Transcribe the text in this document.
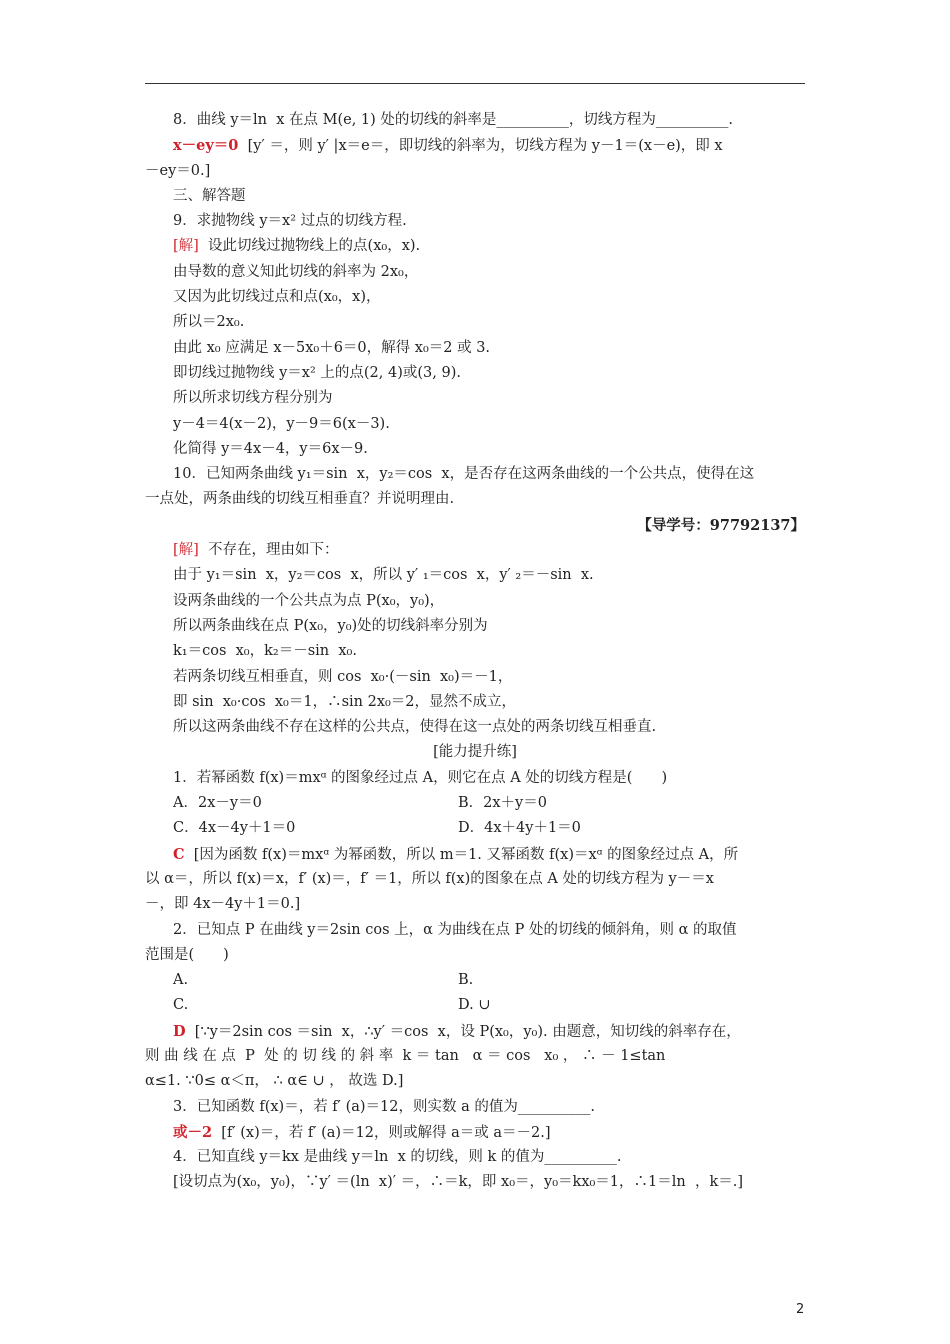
8．曲线 y＝ln  x 在点 M(e, 1) 处的切线的斜率是__________，切线方程为__________.
x－ey＝0  [y′ ＝，则 y′ |x＝e＝，即切线的斜率为，切线方程为 y－1＝(x－e)，即 x
－ey＝0.]
三、解答题
9．求抛物线 y＝x² 过点的切线方程.
[解]  设此切线过抛物线上的点(x₀，x).
由导数的意义知此切线的斜率为 2x₀，
又因为此切线过点和点(x₀，x)，
所以＝2x₀.
由此 x₀ 应满足 x－5x₀＋6＝0，解得 x₀＝2 或 3.
即切线过抛物线 y＝x² 上的点(2, 4)或(3, 9).
所以所求切线方程分别为
y－4＝4(x－2)，y－9＝6(x－3).
化简得 y＝4x－4，y＝6x－9.
10．已知两条曲线 y₁＝sin  x，y₂＝cos  x，是否存在这两条曲线的一个公共点，使得在这
一点处，两条曲线的切线互相垂直？并说明理由.
【导学号：97792137】
[解]  不存在，理由如下：
由于 y₁＝sin  x，y₂＝cos  x，所以 y′ ₁＝cos  x，y′ ₂＝－sin  x.
设两条曲线的一个公共点为点 P(x₀，y₀)，
所以两条曲线在点 P(x₀，y₀)处的切线斜率分别为
k₁＝cos  x₀，k₂＝－sin  x₀.
若两条切线互相垂直，则 cos  x₀·(－sin  x₀)＝－1，
即 sin  x₀·cos  x₀＝1，∴sin 2x₀＝2，显然不成立，
所以这两条曲线不存在这样的公共点，使得在这一点处的两条切线互相垂直.
[能力提升练]
1．若幂函数 f(x)＝mxᵅ 的图象经过点 A，则它在点 A 处的切线方程是(　　)
A．2x－y＝0	B．2x＋y＝0
C．4x－4y＋1＝0	D．4x＋4y＋1＝0
C  [因为函数 f(x)＝mxᵅ 为幂函数，所以 m＝1. 又幂函数 f(x)＝xᵅ 的图象经过点 A，所
以 α＝，所以 f(x)＝x，f′ (x)＝，f′ ＝1，所以 f(x)的图象在点 A 处的切线方程为 y－＝x
－，即 4x－4y＋1＝0.]
2．已知点 P 在曲线 y＝2sin cos 上，α 为曲线在点 P 处的切线的倾斜角，则 α 的取值
范围是(　　)
A.	B.
C.	D. ∪
D  [∵y＝2sin cos ＝sin  x，∴y′ ＝cos  x，设 P(x₀，y₀). 由题意，知切线的斜率存在，
则 曲 线 在 点  P  处 的 切 线 的 斜 率  k ＝ tan   α ＝ cos   x₀ ， ∴ － 1≤tan
α≤1. ∵0≤ α＜π， ∴ α∈ ∪ ， 故选 D.]
3．已知函数 f(x)＝，若 f′ (a)＝12，则实数 a 的值为__________.
或－2  [f′ (x)＝，若 f′ (a)＝12，则或解得 a＝或 a＝－2.]
4．已知直线 y＝kx 是曲线 y＝ln  x 的切线，则 k 的值为__________.
[设切点为(x₀，y₀)，∵y′ ＝(ln  x)′ ＝，∴＝k，即 x₀＝，y₀＝kx₀＝1，∴1＝ln  ，k＝.]
2
